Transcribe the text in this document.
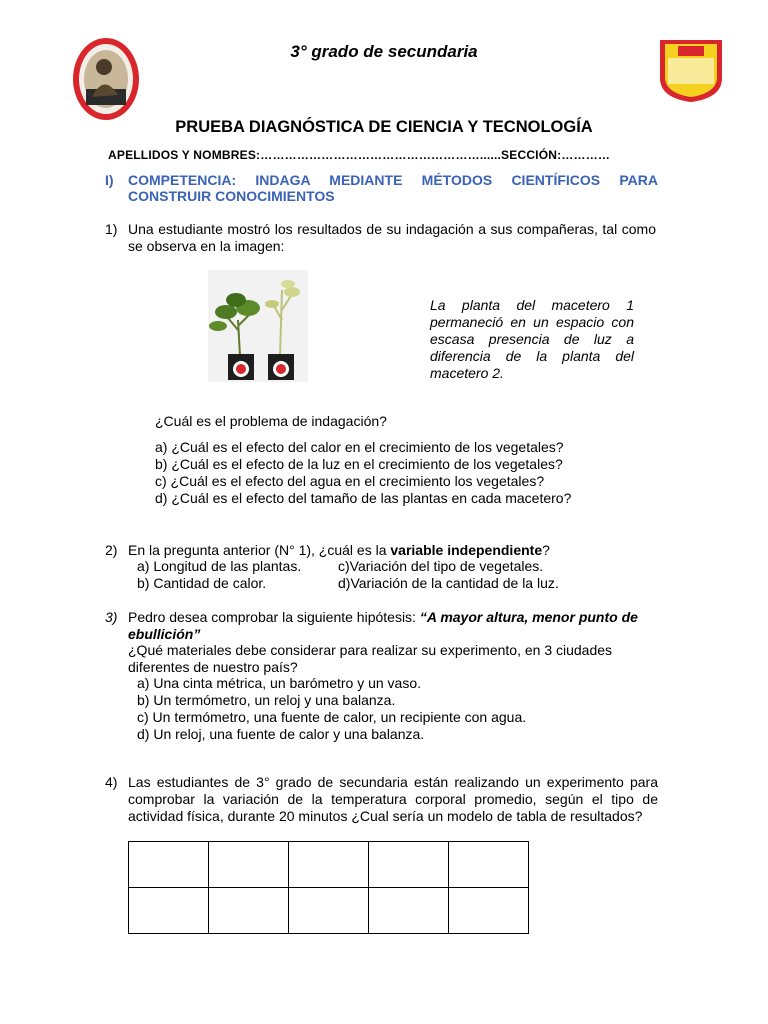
3° grado de secundaria
PRUEBA DIAGNÓSTICA DE CIENCIA Y TECNOLOGÍA
APELLIDOS Y NOMBRES:………………………………………………......SECCIÓN:…………
I) COMPETENCIA: INDAGA MEDIANTE MÉTODOS CIENTÍFICOS PARA CONSTRUIR CONOCIMIENTOS
1) Una estudiante mostró los resultados de su indagación a sus compañeras, tal como se observa en la imagen:
La planta del macetero 1 permaneció en un espacio con escasa presencia de luz a diferencia de la planta del macetero 2.
¿Cuál es el problema de indagación?
a) ¿Cuál es el efecto del calor en el crecimiento de los vegetales?
b) ¿Cuál es el efecto de la luz en el crecimiento de los vegetales?
c) ¿Cuál es el efecto del agua en el crecimiento los vegetales?
d) ¿Cuál es el efecto del tamaño de las plantas en cada macetero?
2) En la pregunta anterior (N° 1), ¿cuál es la variable independiente?
a) Longitud de las plantas.
b) Cantidad de calor.
c)Variación del tipo de vegetales.
d)Variación de la cantidad de la luz.
3) Pedro desea comprobar la siguiente hipótesis: “A mayor altura, menor punto de ebullición”
¿Qué materiales debe considerar para realizar su experimento, en 3 ciudades diferentes de nuestro país?
a) Una cinta métrica, un barómetro y un vaso.
b) Un termómetro, un reloj y una balanza.
c) Un termómetro, una fuente de calor, un recipiente con agua.
d) Un reloj, una fuente de calor y una balanza.
4) Las estudiantes de 3° grado de secundaria están realizando un experimento para comprobar la variación de la temperatura corporal promedio, según el tipo de actividad física, durante 20 minutos ¿Cual sería un modelo de tabla de resultados?
